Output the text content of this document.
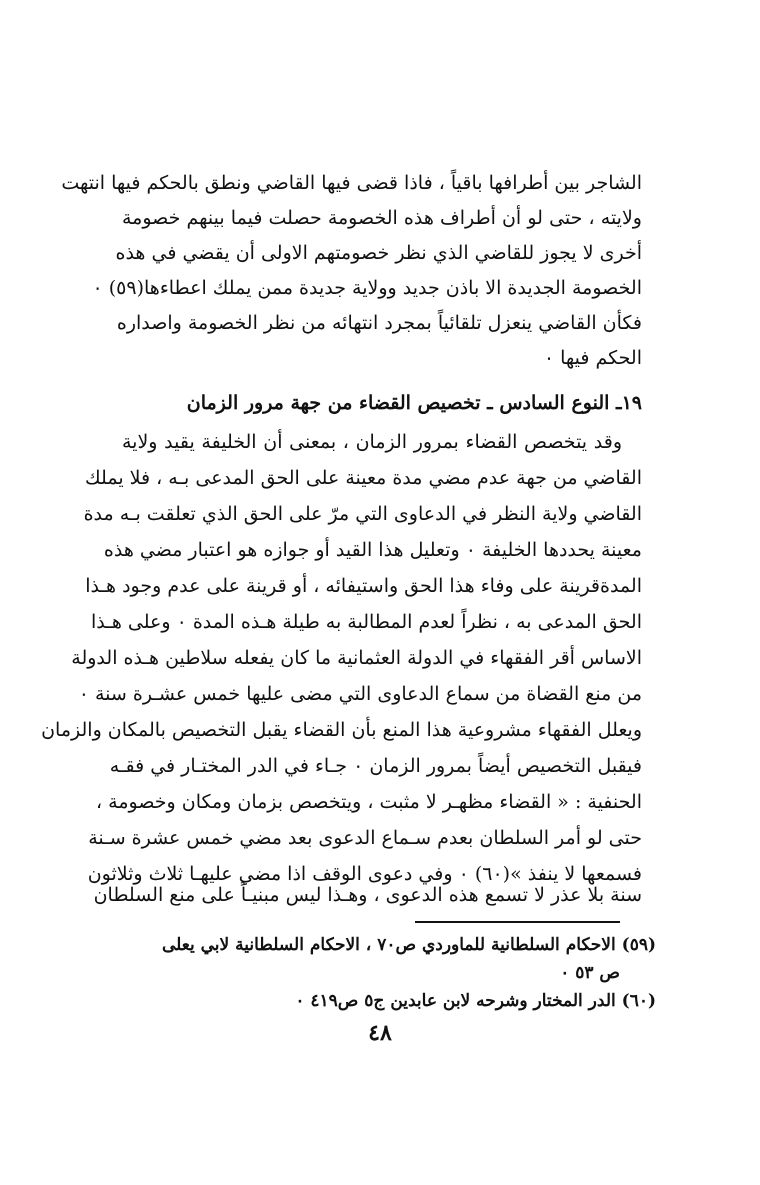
الشاجر بين أطرافها باقياً ، فاذا قضى فيها القاضي ونطق بالحكم فيها انتهت
ولايته ، حتى لو أن أطراف هذه الخصومة حصلت فيما بينهم خصومة
أخرى لا يجوز للقاضي الذي نظر خصومتهم الاولى أن يقضي في هذه
الخصومة الجديدة الا باذن جديد وولاية جديدة ممن يملك اعطاءها(٥٩) ٠
فكأن القاضي ينعزل تلقائياً بمجرد انتهائه من نظر الخصومة واصداره
الحكم فيها ٠
١٩ـ النوع السادس ـ تخصيص القضاء من جهة مرور الزمان
وقد يتخصص القضاء بمرور الزمان ، بمعنى أن الخليفة يقيد ولاية
القاضي من جهة عدم مضي مدة معينة على الحق المدعى بـه ، فلا يملك
القاضي ولاية النظر في الدعاوى التي مرّ على الحق الذي تعلقت بـه مدة
معينة يحددها الخليفة ٠ وتعليل هذا القيد أو جوازه هو اعتبار مضي هذه
المدةقرينة على وفاء هذا الحق واستيفائه ، أو قرينة على عدم وجود هـذا
الحق المدعى به ، نظراً لعدم المطالبة به طيلة هـذه المدة ٠ وعلى هـذا
الاساس أقر الفقهاء في الدولة العثمانية ما كان يفعله سلاطين هـذه الدولة
من منع القضاة من سماع الدعاوى التي مضى عليها خمس عشـرة سنة ٠
ويعلل الفقهاء مشروعية هذا المنع بأن القضاء يقبل التخصيص بالمكان والزمان
فيقبل التخصيص أيضاً بمرور الزمان ٠ جـاء في الدر المختـار في فقـه
الحنفية : « القضاء مظهـر لا مثبت ، ويتخصص بزمان ومكان وخصومة ،
حتى لو أمر السلطان بعدم سـماع الدعوى بعد مضي خمس عشرة سـنة
فسمعها لا ينفذ »(٦٠) ٠ وفي دعوى الوقف اذا مضي عليهـا ثلاث وثلاثون
سنة بلا عذر لا تسمع هذه الدعوى ، وهـذا ليس مبنيـاً على منع السلطان
(٥٩) الاحكام السلطانية للماوردي ص٧٠ ، الاحكام السلطانية لابي يعلى
ص ٥٣ ٠
(٦٠) الدر المختار وشرحه لابن عابدين ج٥ ص٤١٩ ٠
٤٨
